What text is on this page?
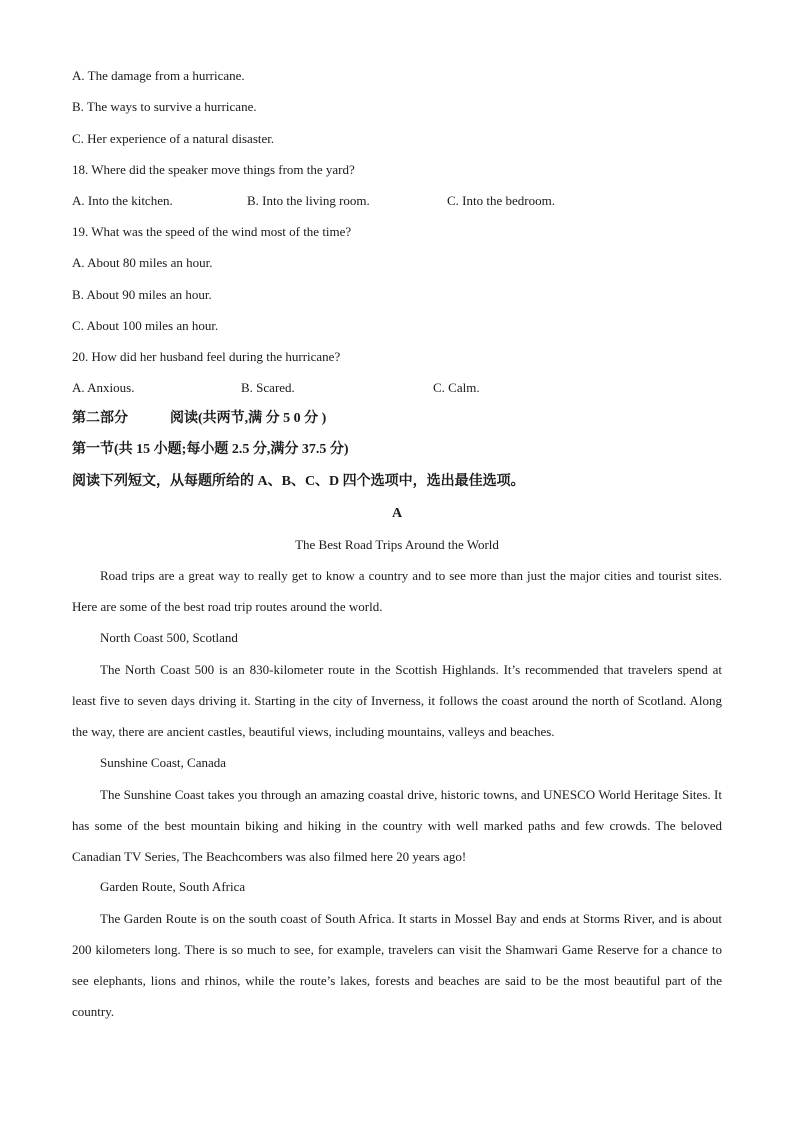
A. The damage from a hurricane.
B. The ways to survive a hurricane.
C. Her experience of a natural disaster.
18. Where did the speaker move things from the yard?
A. Into the kitchen.	B. Into the living room.	C. Into the bedroom.
19. What was the speed of the wind most of the time?
A. About 80 miles an hour.
B. About 90 miles an hour.
C. About 100 miles an hour.
20. How did her husband feel during the hurricane?
A. Anxious.	B. Scared.	C. Calm.
第二部分　　　阅读(共两节,满 分 5 0 分 )
第一节(共 15 小题;每小题 2.5 分,满分 37.5 分)
阅读下列短文，从每题所给的 A、B、C、D 四个选项中，选出最佳选项。
A
The Best Road Trips Around the World
Road trips are a great way to really get to know a country and to see more than just the major cities and tourist sites. Here are some of the best road trip routes around the world.
North Coast 500, Scotland
The North Coast 500 is an 830-kilometer route in the Scottish Highlands. It’s recommended that travelers spend at least five to seven days driving it. Starting in the city of Inverness, it follows the coast around the north of Scotland. Along the way, there are ancient castles, beautiful views, including mountains, valleys and beaches.
Sunshine Coast, Canada
The Sunshine Coast takes you through an amazing coastal drive, historic towns, and UNESCO World Heritage Sites. It has some of the best mountain biking and hiking in the country with well marked paths and few crowds. The beloved Canadian TV Series, The Beachcombers was also filmed here 20 years ago!
Garden Route, South Africa
The Garden Route is on the south coast of South Africa. It starts in Mossel Bay and ends at Storms River, and is about 200 kilometers long. There is so much to see, for example, travelers can visit the Shamwari Game Reserve for a chance to see elephants, lions and rhinos, while the route’s lakes, forests and beaches are said to be the most beautiful part of the country.
